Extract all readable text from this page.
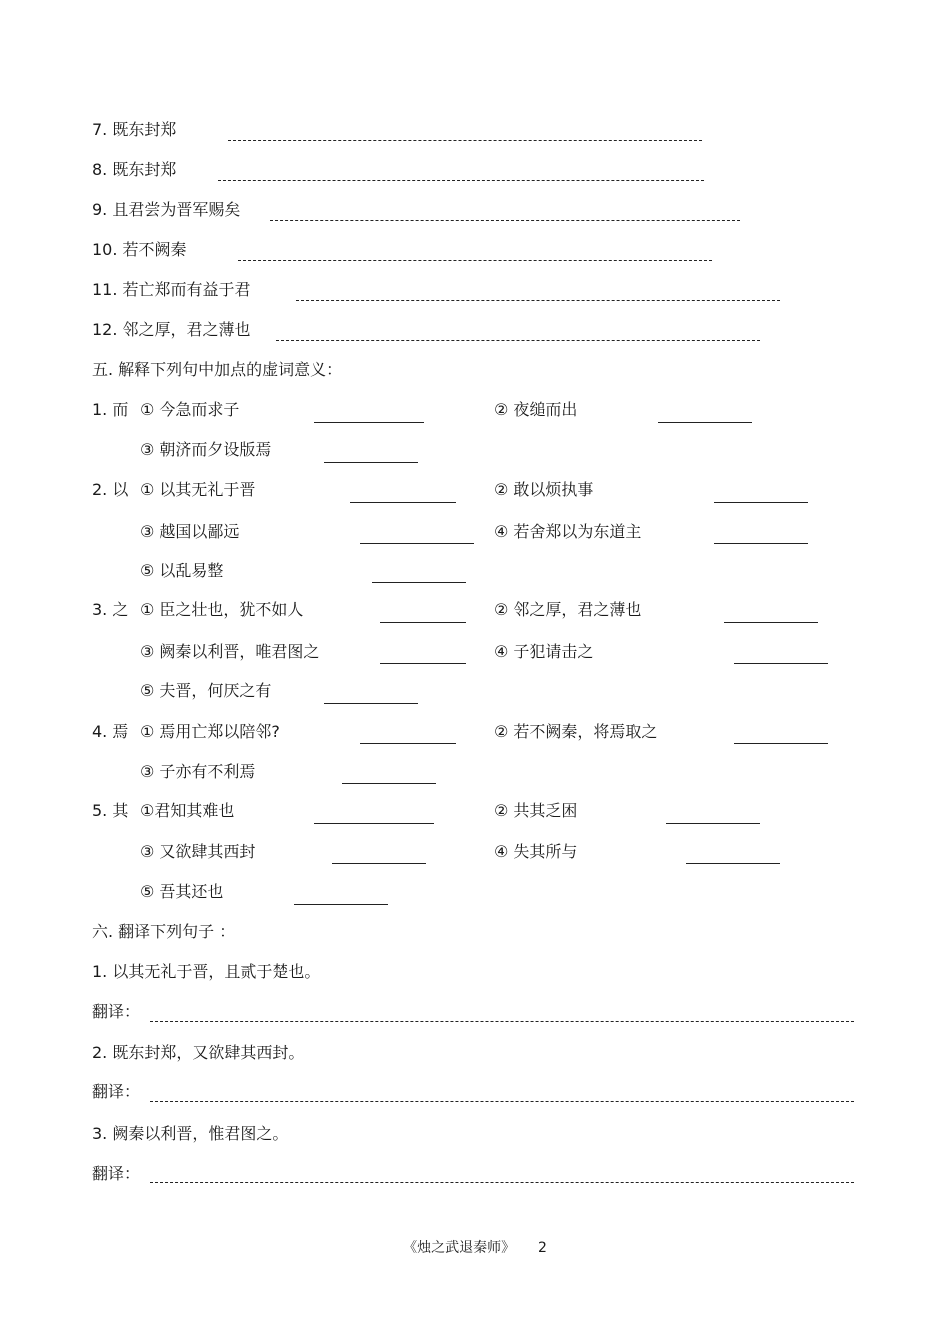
7. 既东封郑
8. 既东封郑
9. 且君尝为晋军赐矣
10. 若不阙秦
11. 若亡郑而有益于君
12. 邻之厚，君之薄也
五. 解释下列句中加点的虚词意义：
1. 而 ① 今急而求子	② 夜缒而出
③ 朝济而夕设版焉
2. 以 ① 以其无礼于晋	② 敢以烦执事
③ 越国以鄙远	④ 若舍郑以为东道主
⑤ 以乱易整
3. 之 ① 臣之壮也，犹不如人	② 邻之厚，君之薄也
③ 阙秦以利晋，唯君图之	④ 子犯请击之
⑤ 夫晋，何厌之有
4. 焉 ① 焉用亡郑以陪邻?	② 若不阙秦，将焉取之
③ 子亦有不利焉
5. 其 ①君知其难也	② 共其乏困
③ 又欲肆其西封	④ 失其所与
⑤ 吾其还也
六. 翻译下列句子 ：
1. 以其无礼于晋，且贰于楚也。
翻译：
2. 既东封郑，又欲肆其西封。
翻译：
3. 阙秦以利晋，惟君图之。
翻译：
《烛之武退秦师》 2
